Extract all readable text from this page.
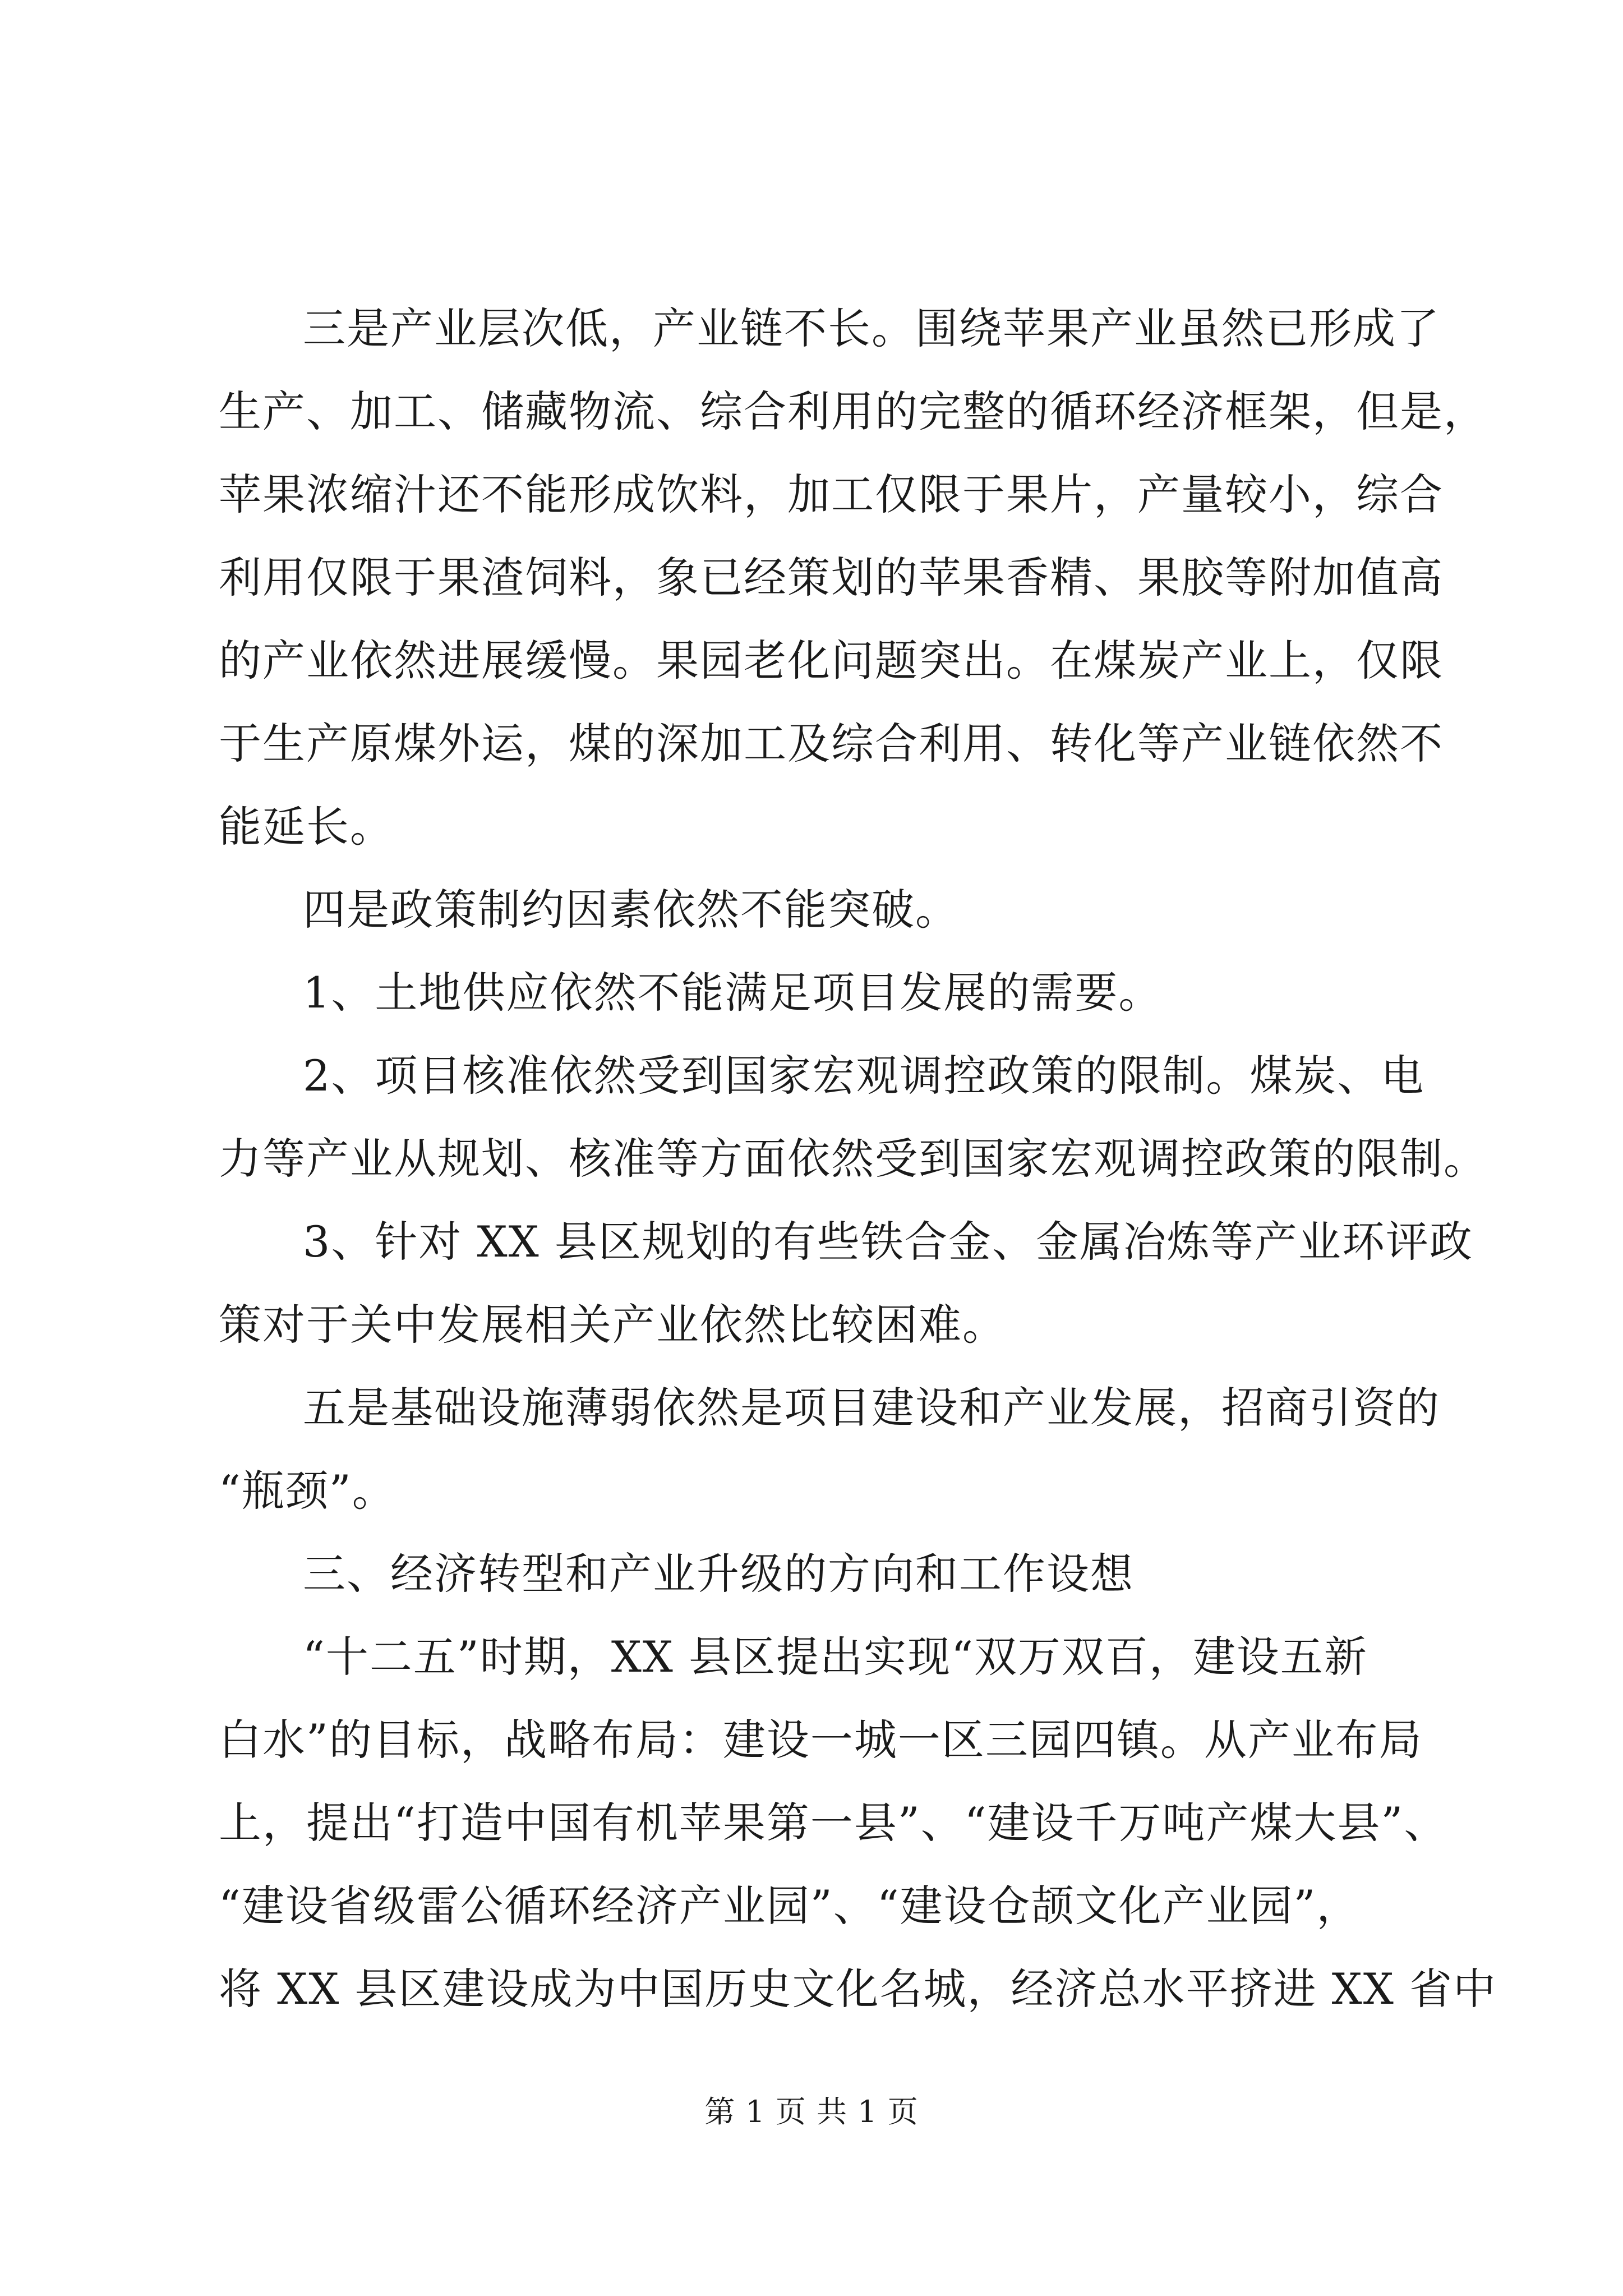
三是产业层次低，产业链不长。围绕苹果产业虽然已形成了
生产、加工、储藏物流、综合利用的完整的循环经济框架，但是，
苹果浓缩汁还不能形成饮料，加工仅限于果片，产量较小，综合
利用仅限于果渣饲料，象已经策划的苹果香精、果胶等附加值高
的产业依然进展缓慢。果园老化问题突出。在煤炭产业上，仅限
于生产原煤外运，煤的深加工及综合利用、转化等产业链依然不
能延长。
四是政策制约因素依然不能突破。
1、土地供应依然不能满足项目发展的需要。
2、项目核准依然受到国家宏观调控政策的限制。煤炭、电
力等产业从规划、核准等方面依然受到国家宏观调控政策的限制。
3、针对 XX 县区规划的有些铁合金、金属冶炼等产业环评政
策对于关中发展相关产业依然比较困难。
五是基础设施薄弱依然是项目建设和产业发展，招商引资的
“瓶颈”。
三、经济转型和产业升级的方向和工作设想
“十二五”时期，XX 县区提出实现“双万双百，建设五新
白水”的目标，战略布局：建设一城一区三园四镇。从产业布局
上，提出“打造中国有机苹果第一县”、“建设千万吨产煤大县”、
“建设省级雷公循环经济产业园”、“建设仓颉文化产业园”，
将 XX 县区建设成为中国历史文化名城，经济总水平挤进 XX 省中
第 1 页 共 1 页
